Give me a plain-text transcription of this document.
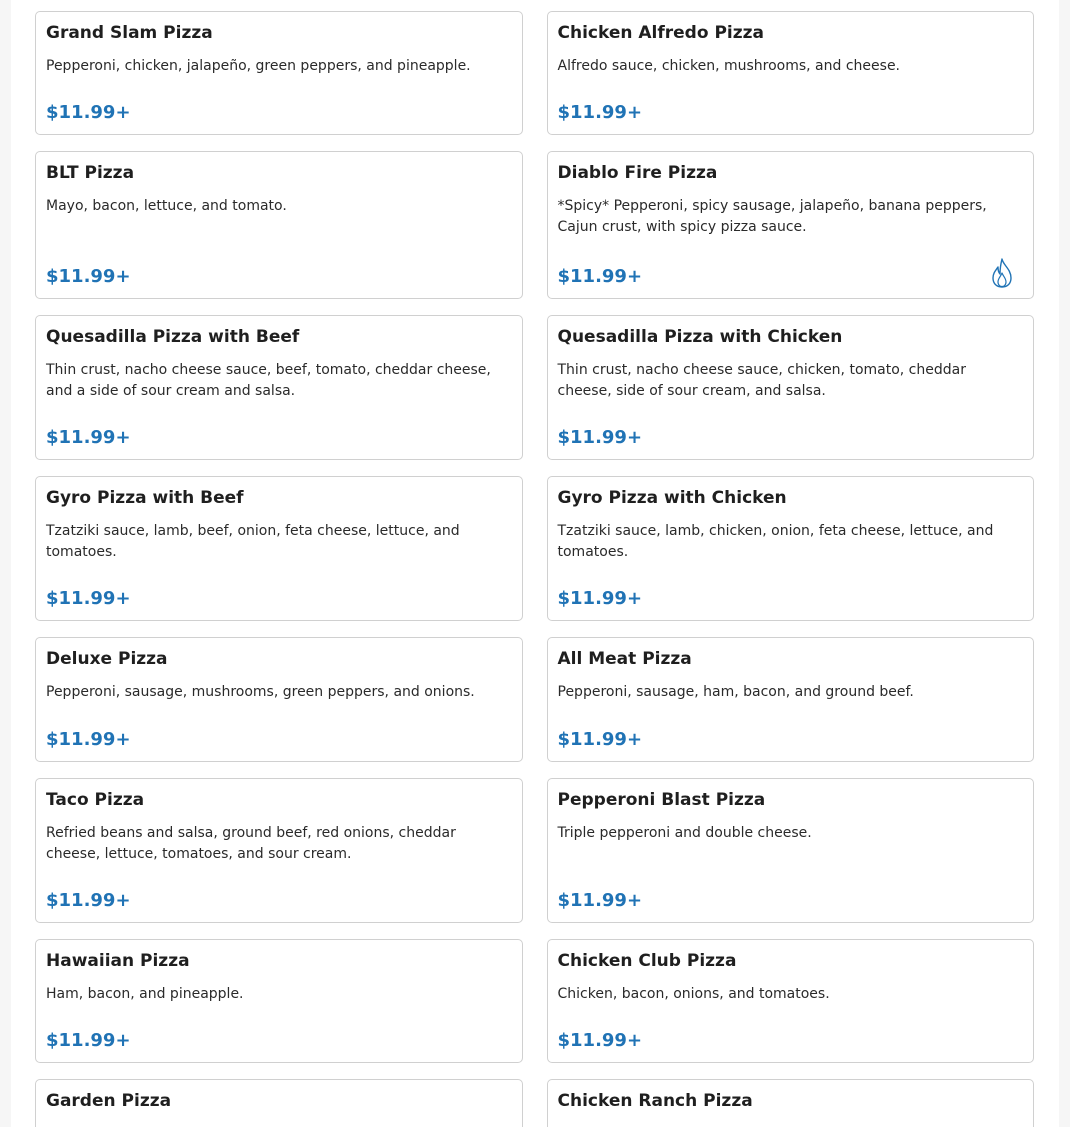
Grand Slam Pizza
Pepperoni, chicken, jalapeño, green peppers, and pineapple.
$11.99+
Chicken Alfredo Pizza
Alfredo sauce, chicken, mushrooms, and cheese.
$11.99+
BLT Pizza
Mayo, bacon, lettuce, and tomato.
$11.99+
Diablo Fire Pizza
*Spicy* Pepperoni, spicy sausage, jalapeño, banana peppers, Cajun crust, with spicy pizza sauce.
$11.99+
Quesadilla Pizza with Beef
Thin crust, nacho cheese sauce, beef, tomato, cheddar cheese, and a side of sour cream and salsa.
$11.99+
Quesadilla Pizza with Chicken
Thin crust, nacho cheese sauce, chicken, tomato, cheddar cheese, side of sour cream, and salsa.
$11.99+
Gyro Pizza with Beef
Tzatziki sauce, lamb, beef, onion, feta cheese, lettuce, and tomatoes.
$11.99+
Gyro Pizza with Chicken
Tzatziki sauce, lamb, chicken, onion, feta cheese, lettuce, and tomatoes.
$11.99+
Deluxe Pizza
Pepperoni, sausage, mushrooms, green peppers, and onions.
$11.99+
All Meat Pizza
Pepperoni, sausage, ham, bacon, and ground beef.
$11.99+
Taco Pizza
Refried beans and salsa, ground beef, red onions, cheddar cheese, lettuce, tomatoes, and sour cream.
$11.99+
Pepperoni Blast Pizza
Triple pepperoni and double cheese.
$11.99+
Hawaiian Pizza
Ham, bacon, and pineapple.
$11.99+
Chicken Club Pizza
Chicken, bacon, onions, and tomatoes.
$11.99+
Garden Pizza	Chicken Ranch Pizza
